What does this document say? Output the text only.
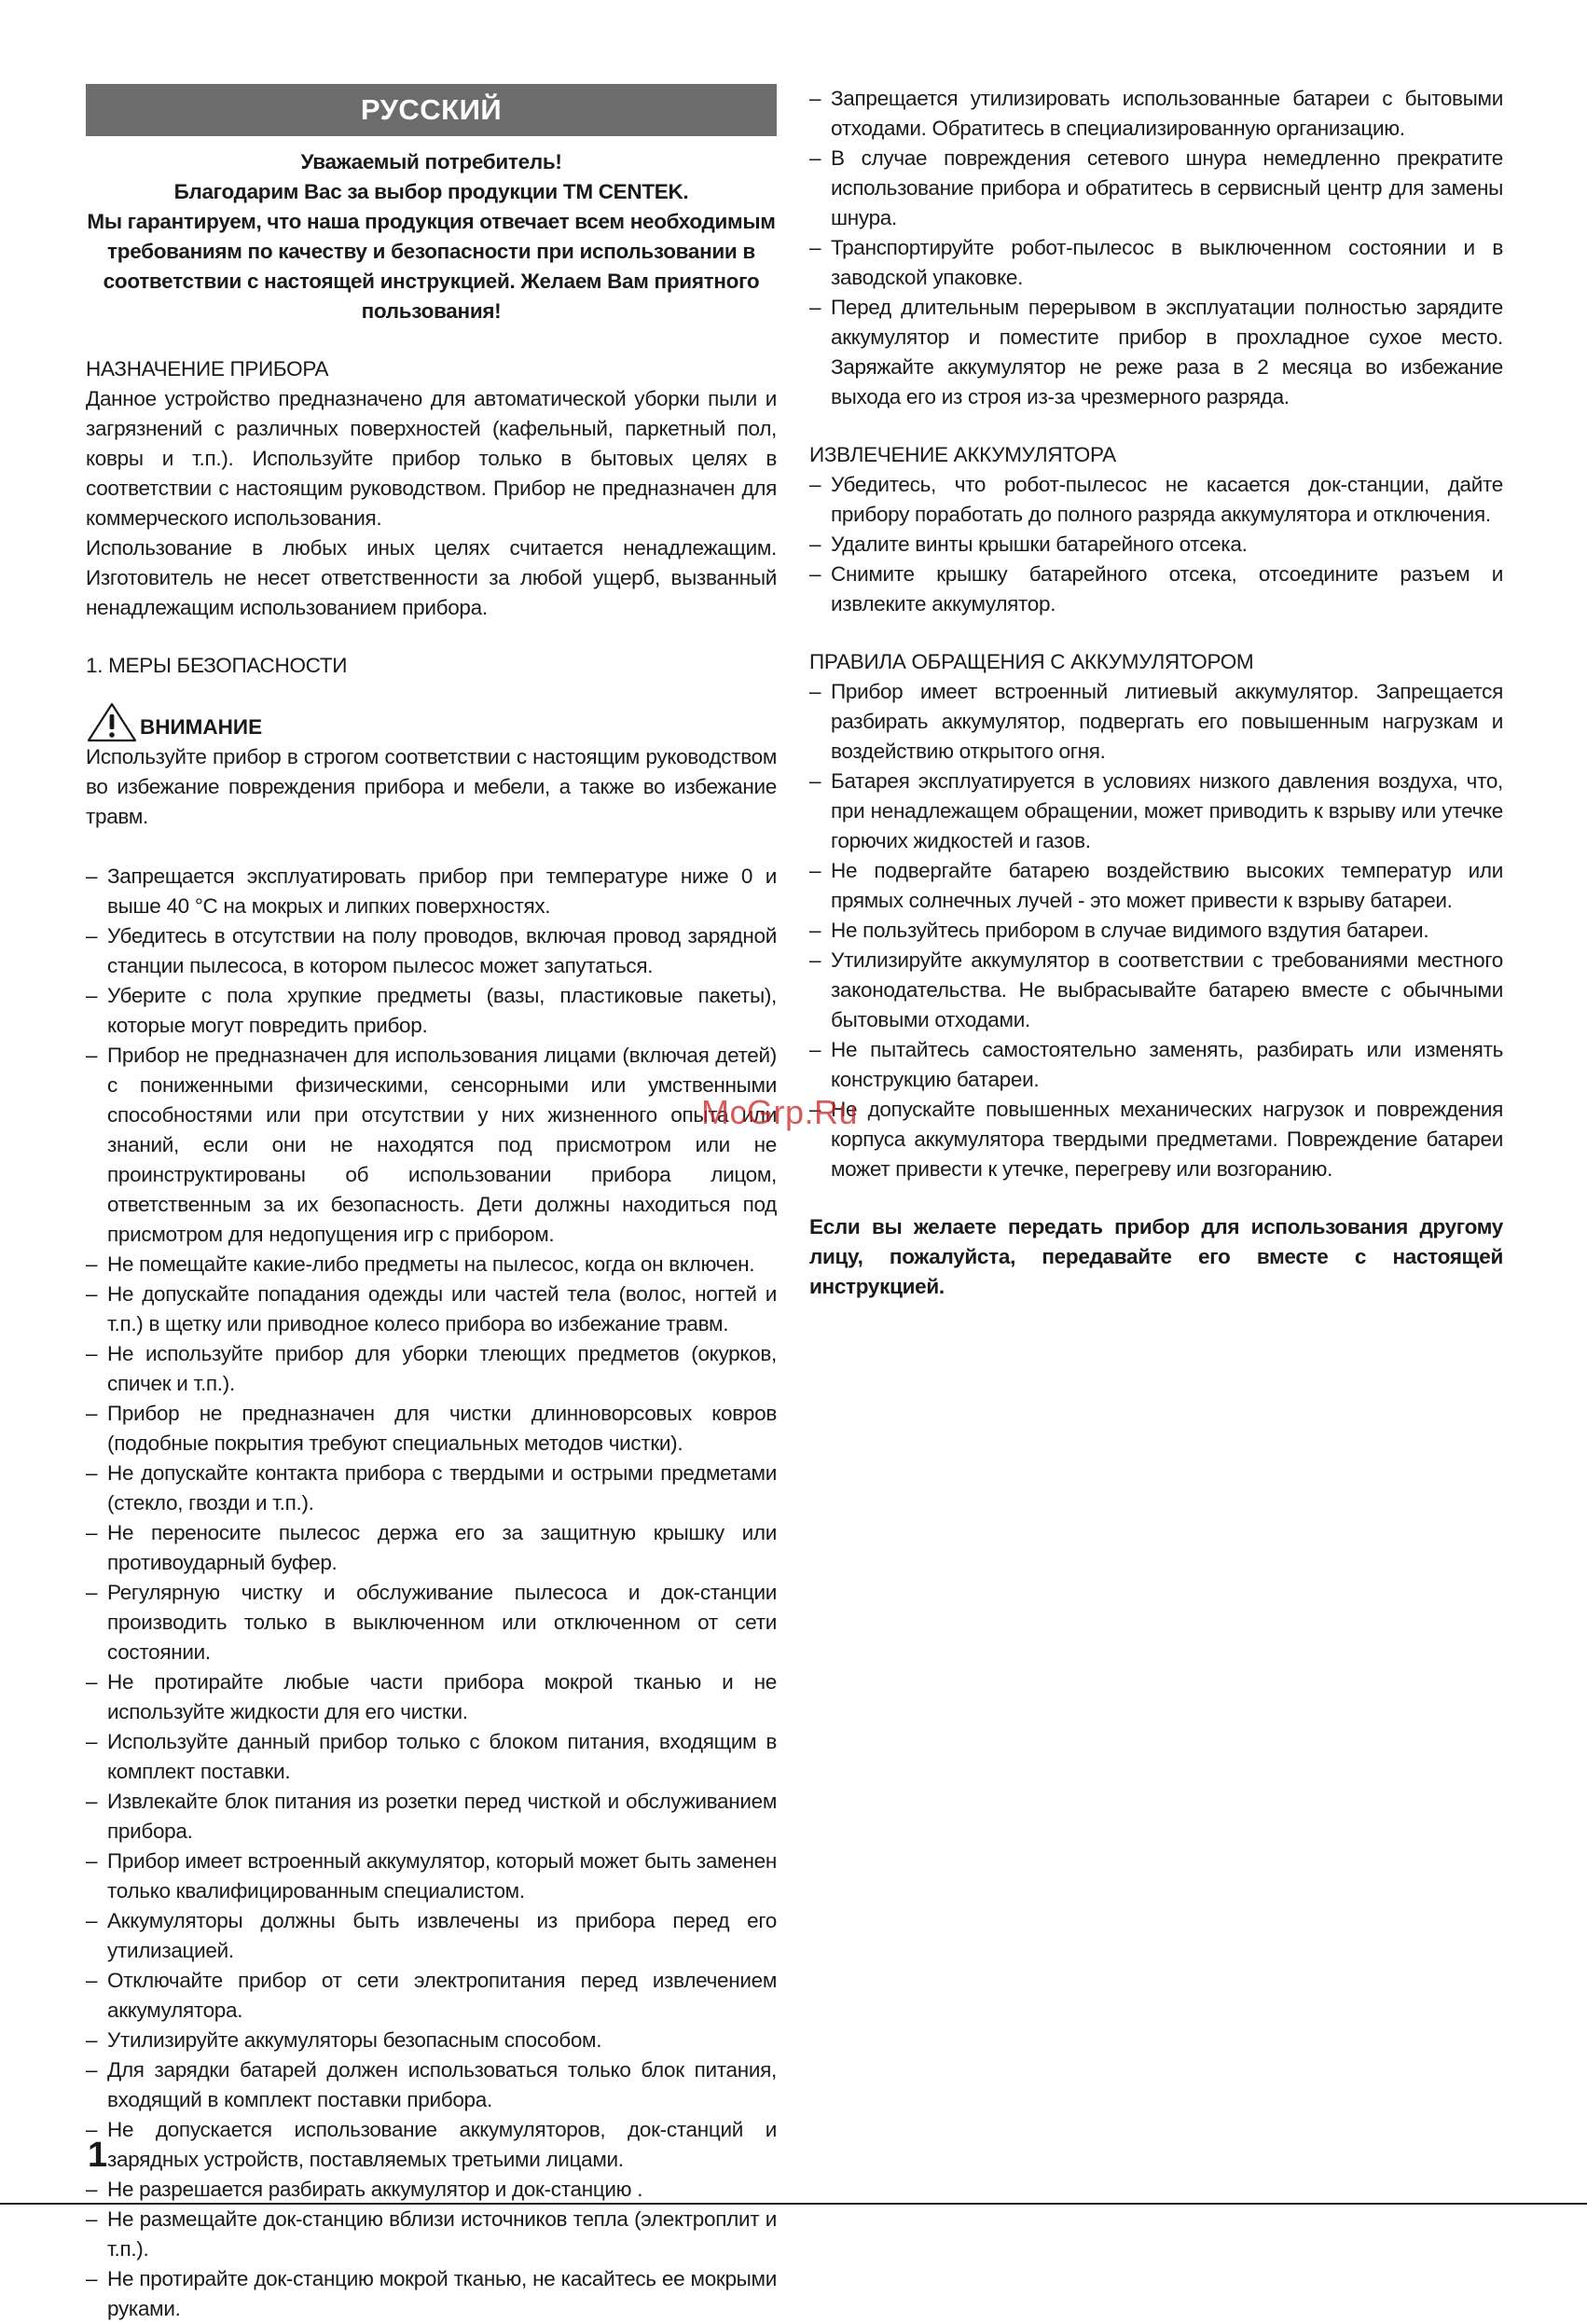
РУССКИЙ
Уважаемый потребитель!
Благодарим Вас за выбор продукции ТМ CENTEK.
Мы гарантируем, что наша продукция отвечает всем необходимым требованиям по качеству и безопасности при использовании в соответствии с настоящей инструкцией. Желаем Вам приятного пользования!
НАЗНАЧЕНИЕ ПРИБОРА
Данное устройство предназначено для автоматической уборки пыли и загрязнений с различных поверхностей (кафельный, паркетный пол, ковры и т.п.). Используйте прибор только в бытовых целях в соответствии с настоящим руководством. Прибор не предназначен для коммерческого использования.
Использование в любых иных целях считается ненадлежащим. Изготовитель не несет ответственности за любой ущерб, вызванный ненадлежащим использованием прибора.
1. МЕРЫ БЕЗОПАСНОСТИ
ВНИМАНИЕ
Используйте прибор в строгом соответствии с настоящим руководством во избежание повреждения прибора и мебели, а также во избежание травм.
– Запрещается эксплуатировать прибор при температуре ниже 0 и выше 40 °С на мокрых и липких поверхностях.
– Убедитесь в отсутствии на полу проводов, включая провод зарядной станции пылесоса, в котором пылесос может запутаться.
– Уберите с пола хрупкие предметы (вазы, пластиковые пакеты), которые могут повредить прибор.
– Прибор не предназначен для использования лицами (включая детей) с пониженными физическими, сенсорными или умственными способностями или при отсутствии у них жизненного опыта или знаний, если они не находятся под присмотром или не проинструктированы об использовании прибора лицом, ответственным за их безопасность. Дети должны находиться под присмотром для недопущения игр с прибором.
– Не помещайте какие-либо предметы на пылесос, когда он включен.
– Не допускайте попадания одежды или частей тела (волос, ногтей и т.п.) в щетку или приводное колесо прибора во избежание травм.
– Не используйте прибор для уборки тлеющих предметов (окурков, спичек и т.п.).
– Прибор не предназначен для чистки длинноворсовых ковров (подобные покрытия требуют специальных методов чистки).
– Не допускайте контакта прибора с твердыми и острыми предметами (стекло, гвозди и т.п.).
– Не переносите пылесос держа его за защитную крышку или противоударный буфер.
– Регулярную чистку и обслуживание пылесоса и док-станции производить только в выключенном или отключенном от сети состоянии.
– Не протирайте любые части прибора мокрой тканью и не используйте жидкости для его чистки.
– Используйте данный прибор только с блоком питания, входящим в комплект поставки.
– Извлекайте блок питания из розетки перед чисткой и обслуживанием прибора.
– Прибор имеет встроенный аккумулятор, который может быть заменен только квалифицированным специалистом.
– Аккумуляторы должны быть извлечены из прибора перед его утилизацией.
– Отключайте прибор от сети электропитания перед извлечением аккумулятора.
– Утилизируйте аккумуляторы безопасным способом.
– Для зарядки батарей должен использоваться только блок питания, входящий в комплект поставки прибора.
– Не допускается использование аккумуляторов, док-станций и зарядных устройств, поставляемых третьими лицами.
– Не разрешается разбирать аккумулятор и док-станцию .
– Не размещайте док-станцию вблизи источников тепла (электроплит и т.п.).
– Не протирайте док-станцию мокрой тканью, не касайтесь ее мокрыми руками.
– Запрещается утилизировать использованные батареи с бытовыми отходами. Обратитесь в специализированную организацию.
– В случае повреждения сетевого шнура немедленно прекратите использование прибора и обратитесь в сервисный центр для замены шнура.
– Транспортируйте робот-пылесос в выключенном состоянии и в заводской упаковке.
– Перед длительным перерывом в эксплуатации полностью зарядите аккумулятор и поместите прибор в прохладное сухое место. Заряжайте аккумулятор не реже раза в 2 месяца во избежание выхода его из строя из-за чрезмерного разряда.
ИЗВЛЕЧЕНИЕ АККУМУЛЯТОРА
– Убедитесь, что робот-пылесос не касается док-станции, дайте прибору поработать до полного разряда аккумулятора и отключения.
– Удалите винты крышки батарейного отсека.
– Снимите крышку батарейного отсека, отсоедините разъем и извлеките аккумулятор.
ПРАВИЛА ОБРАЩЕНИЯ С АККУМУЛЯТОРОМ
– Прибор имеет встроенный литиевый аккумулятор. Запрещается разбирать аккумулятор, подвергать его повышенным нагрузкам и воздействию открытого огня.
– Батарея эксплуатируется в условиях низкого давления воздуха, что, при ненадлежащем обращении, может приводить к взрыву или утечке горючих жидкостей и газов.
– Не подвергайте батарею воздействию высоких температур или прямых солнечных лучей - это может привести к взрыву батареи.
– Не пользуйтесь прибором в случае видимого вздутия батареи.
– Утилизируйте аккумулятор в соответствии с требованиями местного законодательства. Не выбрасывайте батарею вместе с обычными бытовыми отходами.
– Не пытайтесь самостоятельно заменять, разбирать или изменять конструкцию батареи.
– Не допускайте повышенных механических нагрузок и повреждения корпуса аккумулятора твердыми предметами. Повреждение батареи может привести к утечке, перегреву или возгоранию.
Если вы желаете передать прибор для использования другому лицу, пожалуйста, передавайте его вместе с настоящей инструкцией.
McGrp.Ru
1
